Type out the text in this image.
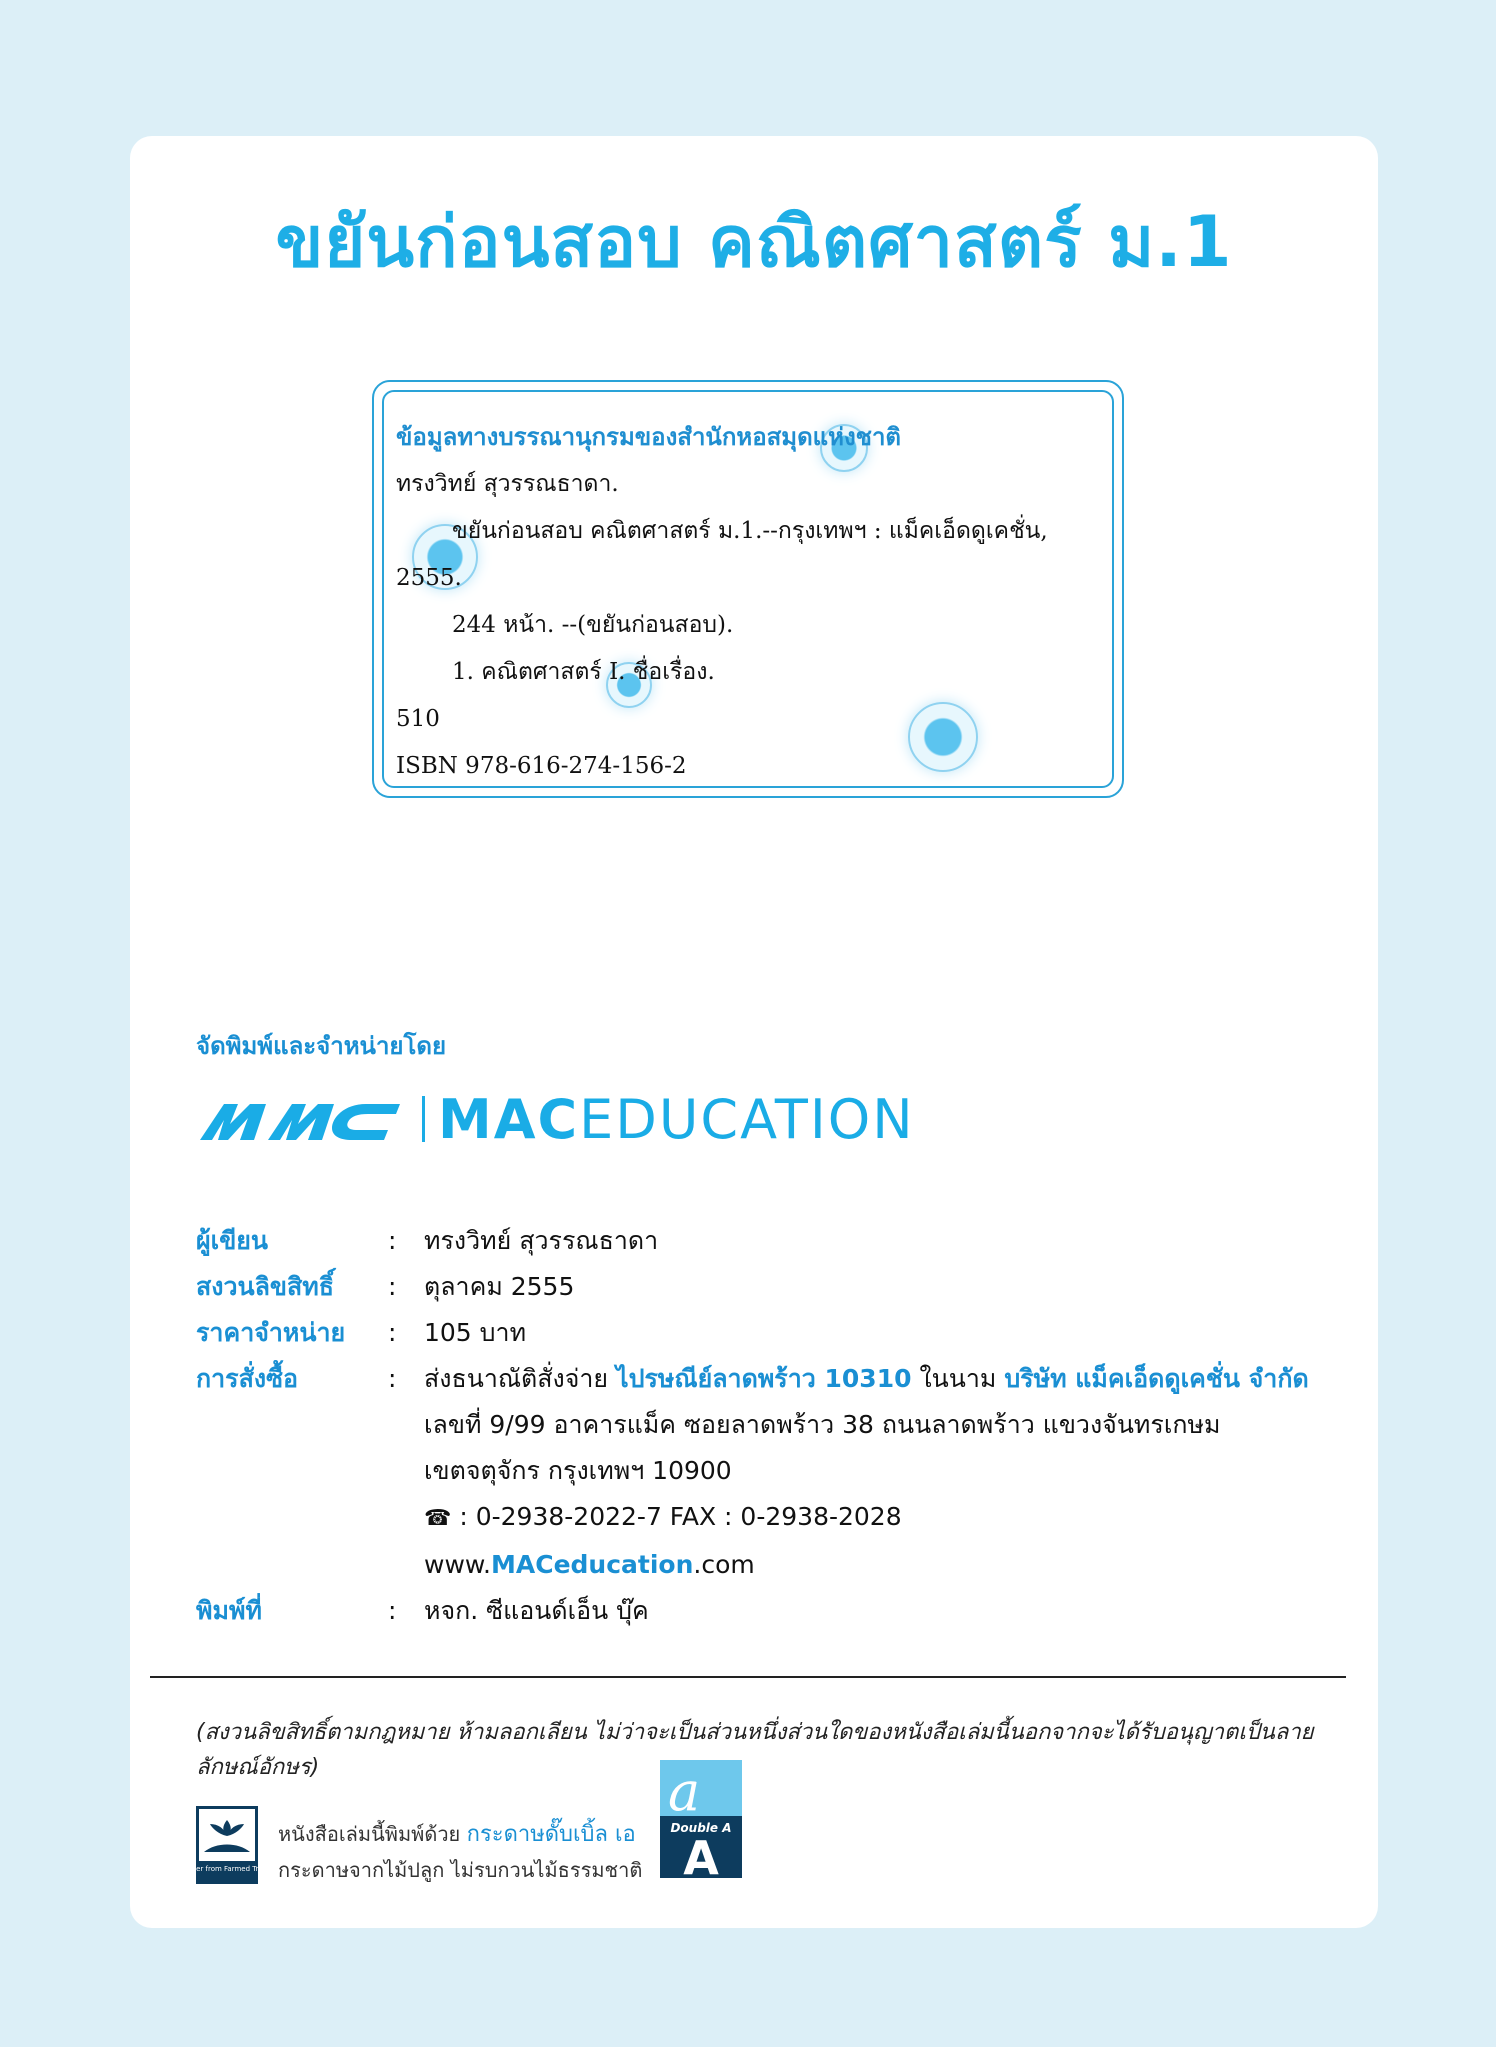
ขยันก่อนสอบ คณิตศาสตร์ ม.1
ข้อมูลทางบรรณานุกรมของสำนักหอสมุดแห่งชาติ
ทรงวิทย์ สุวรรณธาดา.
ขยันก่อนสอบ คณิตศาสตร์ ม.1.--กรุงเทพฯ : แม็คเอ็ดดูเคชั่น,
2555.
244 หน้า. --(ขยันก่อนสอบ).
1. คณิตศาสตร์ I. ชื่อเรื่อง.
510
ISBN 978-616-274-156-2
จัดพิมพ์และจำหน่ายโดย
MACEDUCATION
ผู้เขียน	:	ทรงวิทย์ สุวรรณธาดา
สงวนลิขสิทธิ์	:	ตุลาคม 2555
ราคาจำหน่าย	:	105 บาท
การสั่งซื้อ	:	ส่งธนาณัติสั่งจ่าย ไปรษณีย์ลาดพร้าว 10310 ในนาม บริษัท แม็คเอ็ดดูเคชั่น จำกัด
เลขที่ 9/99 อาคารแม็ค ซอยลาดพร้าว 38 ถนนลาดพร้าว แขวงจันทรเกษม
เขตจตุจักร กรุงเทพฯ 10900
☎ : 0-2938-2022-7 FAX : 0-2938-2028
www.MACeducation.com
พิมพ์ที่	:	หจก. ซีแอนด์เอ็น บุ๊ค
(สงวนลิขสิทธิ์ตามกฎหมาย ห้ามลอกเลียน ไม่ว่าจะเป็นส่วนหนึ่งส่วนใดของหนังสือเล่มนี้นอกจากจะได้รับอนุญาตเป็นลายลักษณ์อักษร)
Paper from Farmed Trees
หนังสือเล่มนี้พิมพ์ด้วย กระดาษดั๊บเบิ้ล เอ
กระดาษจากไม้ปลูก ไม่รบกวนไม้ธรรมชาติ
a
Double A
A
